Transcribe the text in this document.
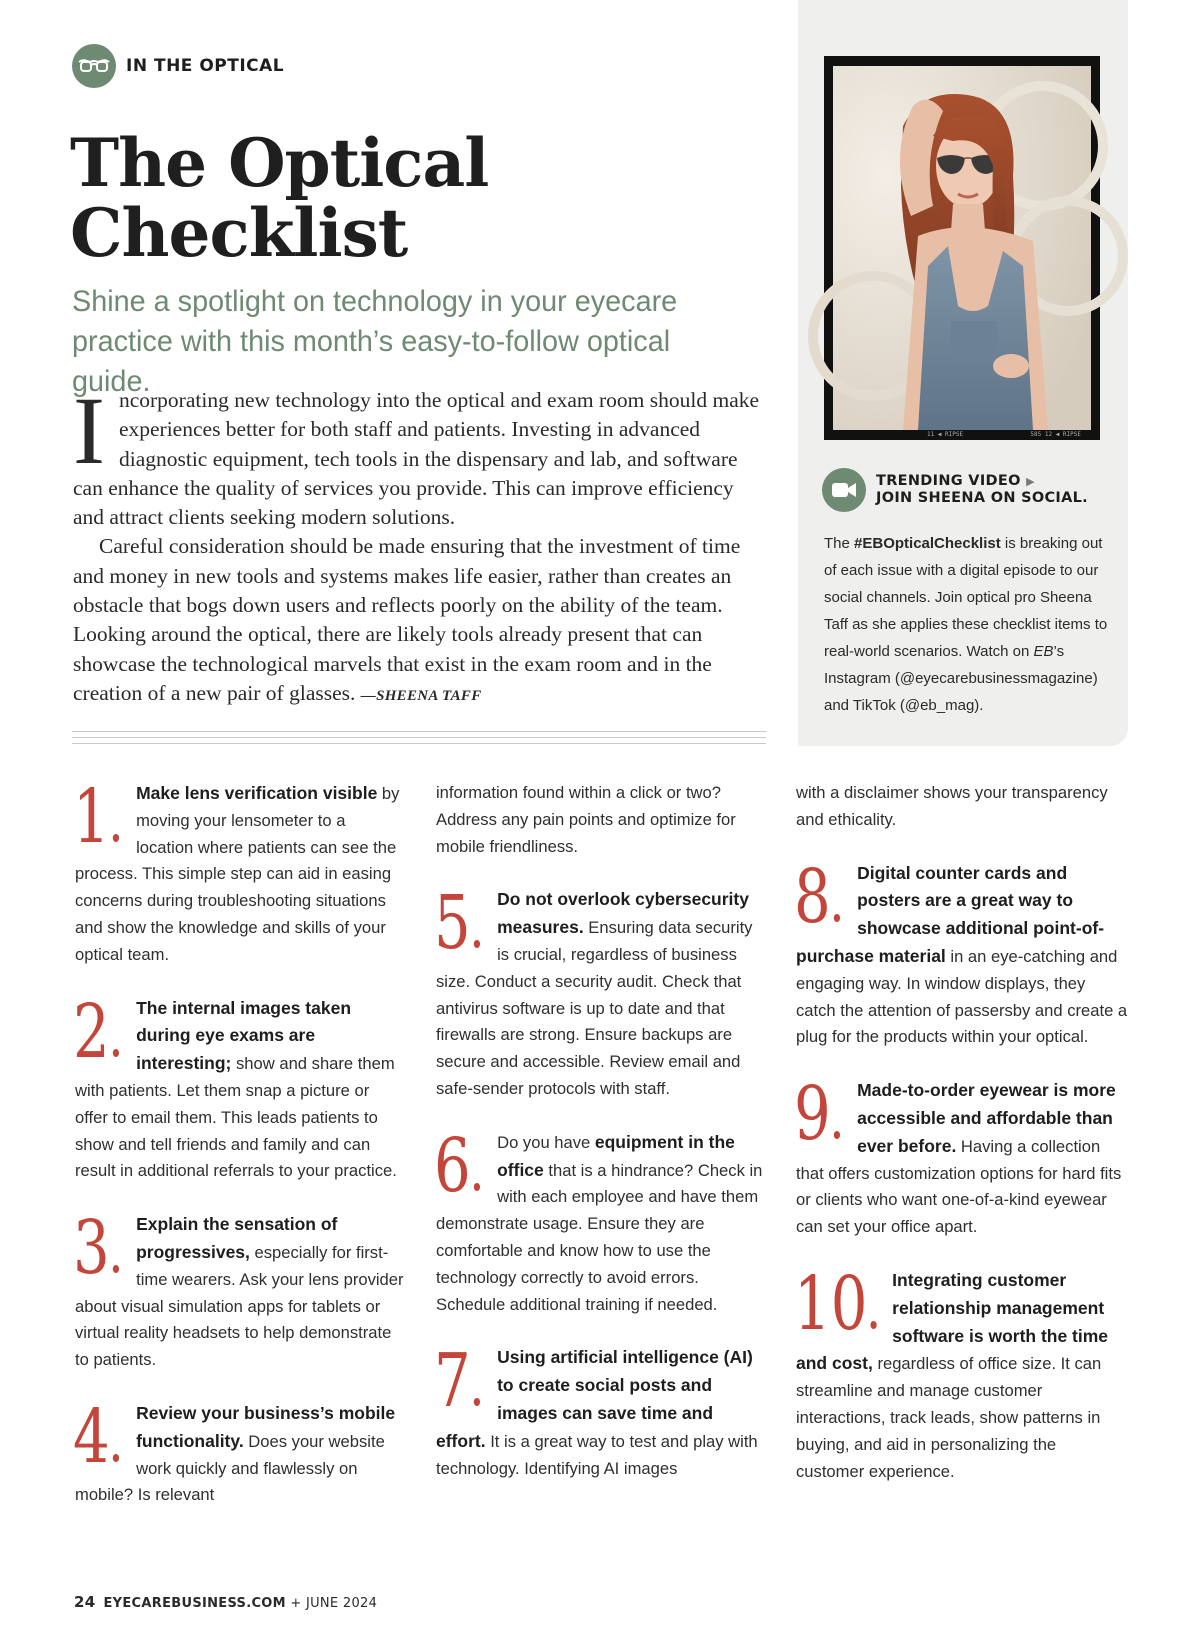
IN THE OPTICAL
The Optical
Checklist
Shine a spotlight on technology in your eyecare practice with this month’s easy-to-follow optical guide.

Incorporating new technology into the optical and exam room should make experiences better for both staff and patients. Investing in advanced diagnostic equipment, tech tools in the dispensary and lab, and software can enhance the quality of services you provide. This can improve efficiency and attract clients seeking modern solutions.

Careful consideration should be made ensuring that the investment of time and money in new tools and systems makes life easier, rather than creates an obstacle that bogs down users and reflects poorly on the ability of the team. Looking around the optical, there are likely tools already present that can showcase the technological marvels that exist in the exam room and in the creation of a new pair of glasses. —SHEENA TAFF

11 ◀ RIPSE	585 12 ◀ RIPSE
TRENDING VIDEO ▶
JOIN SHEENA ON SOCIAL.

The #EBOpticalChecklist is breaking out of each issue with a digital episode to our social channels. Join optical pro Sheena Taff as she applies these checklist items to real-world scenarios. Watch on EB’s Instagram (@eyecarebusinessmagazine) and TikTok (@eb_mag).

1	Make lens verification visible by moving your lensometer to a location where patients can see the process. This simple step can aid in easing concerns during troubleshooting situations and show the knowledge and skills of your optical team.

2	The internal images taken during eye exams are interesting; show and share them with patients. Let them snap a picture or offer to email them. This leads patients to show and tell friends and family and can result in additional referrals to your practice.

3	Explain the sensation of progressives, especially for first-time wearers. Ask your lens provider about visual simulation apps for tablets or virtual reality headsets to help demonstrate to patients.

4	Review your business’s mobile functionality. Does your website work quickly and flawlessly on mobile? Is relevant

information found within a click or two? Address any pain points and optimize for mobile friendliness.

5	Do not overlook cybersecurity measures. Ensuring data security is crucial, regardless of business size. Conduct a security audit. Check that antivirus software is up to date and that firewalls are strong. Ensure backups are secure and accessible. Review email and safe-sender protocols with staff.

6	Do you have equipment in the office that is a hindrance? Check in with each employee and have them demonstrate usage. Ensure they are comfortable and know how to use the technology correctly to avoid errors. Schedule additional training if needed.

7	Using artificial intelligence (AI) to create social posts and images can save time and effort. It is a great way to test and play with technology. Identifying AI images

with a disclaimer shows your transparency and ethicality.

8	Digital counter cards and posters are a great way to showcase additional point-of-purchase material in an eye-catching and engaging way. In window displays, they catch the attention of passersby and create a plug for the products within your optical.

9	Made-to-order eyewear is more accessible and affordable than ever before. Having a collection that offers customization options for hard fits or clients who want one-of-a-kind eyewear can set your office apart.

10	Integrating customer relationship management software is worth the time and cost, regardless of office size. It can streamline and manage customer interactions, track leads, show patterns in buying, and aid in personalizing the customer experience.

24 EYECAREBUSINESS.COM + JUNE 2024
